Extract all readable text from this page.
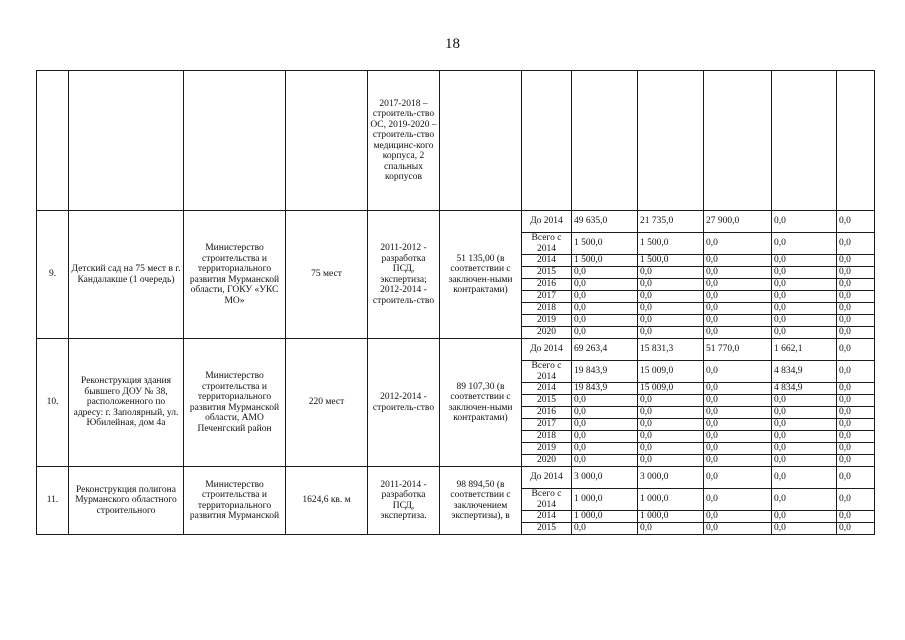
18
				2017-2018 – строитель-ство ОС, 2019-2020 – строитель-ство медицинс-кого корпуса, 2 спальных корпусов							
9.	Детский сад на 75 мест в г. Кандалакше (1 очередь)	Министерство строительства и территориального развития Мурманской области, ГОКУ «УКС МО»	75 мест	2011-2012 - разработка ПСД, экспертиза; 2012-2014 - строитель-ство	51 135,00 (в соответствии с заключен-ными контрактами)	До 2014	49 635,0	21 735,0	27 900,0	0,0	0,0
						Всего с 2014	1 500,0	1 500,0	0,0	0,0	0,0
						2014	1 500,0	1 500,0	0,0	0,0	0,0
						2015	0,0	0,0	0,0	0,0	0,0
						2016	0,0	0,0	0,0	0,0	0,0
						2017	0,0	0,0	0,0	0,0	0,0
						2018	0,0	0,0	0,0	0,0	0,0
						2019	0,0	0,0	0,0	0,0	0,0
						2020	0,0	0,0	0,0	0,0	0,0
10.	Реконструкция здания бывшего ДОУ № 38, расположенного по адресу: г. Заполярный, ул. Юбилейная, дом 4а	Министерство строительства и территориального развития Мурманской области, АМО Печенгский район	220 мест	2012-2014 - строитель-ство	89 107,30 (в соответствии с заключен-ными контрактами)	До 2014	69 263,4	15 831,3	51 770,0	1 662,1	0,0
						Всего с 2014	19 843,9	15 009,0	0,0	4 834,9	0,0
						2014	19 843,9	15 009,0	0,0	4 834,9	0,0
						2015	0,0	0,0	0,0	0,0	0,0
						2016	0,0	0,0	0,0	0,0	0,0
						2017	0,0	0,0	0,0	0,0	0,0
						2018	0,0	0,0	0,0	0,0	0,0
						2019	0,0	0,0	0,0	0,0	0,0
						2020	0,0	0,0	0,0	0,0	0,0
11.	Реконструкция полигона Мурманского областного строительного	Министерство строительства и территориального развития Мурманской	1624,6 кв. м	2011-2014 - разработка ПСД, экспертиза.	98 894,50 (в соответствии с заключением экспертизы), в	До 2014	3 000,0	3 000,0	0,0	0,0	0,0
						Всего с 2014	1 000,0	1 000,0	0,0	0,0	0,0
						2014	1 000,0	1 000,0	0,0	0,0	0,0
						2015	0,0	0,0	0,0	0,0	0,0
